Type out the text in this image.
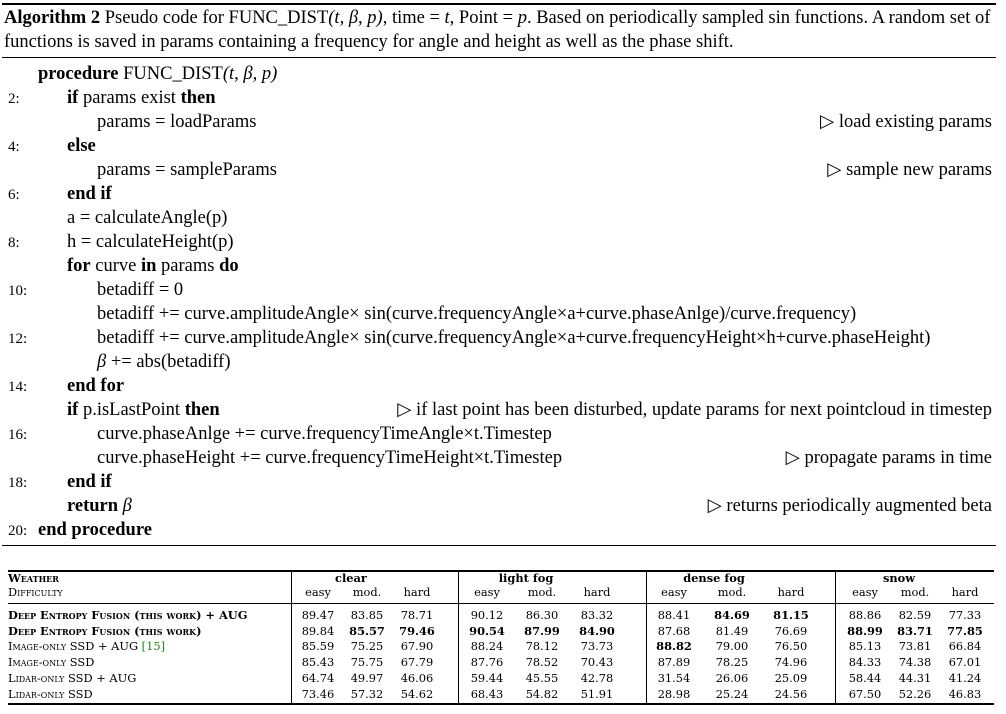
Algorithm 2 Pseudo code for FUNC_DIST(t, β, p), time = t, Point = p. Based on periodically sampled sin functions. A random set of functions is saved in params containing a frequency for angle and height as well as the phase shift.
procedure FUNC_DIST(t, β, p)
2:	if params exist then
params = loadParams	▷ load existing params
4:	else
params = sampleParams	▷ sample new params
6:	end if
a = calculateAngle(p)
8:	h = calculateHeight(p)
for curve in params do
10:	betadiff = 0
betadiff += curve.amplitudeAngle× sin(curve.frequencyAngle×a+curve.phaseAnlge)/curve.frequency)
12:	betadiff += curve.amplitudeAngle× sin(curve.frequencyAngle×a+curve.frequencyHeight×h+curve.phaseHeight)
β += abs(betadiff)
14: end for
if p.isLastPoint then	▷ if last point has been disturbed, update params for next pointcloud in timestep
16:	curve.phaseAnlge += curve.frequencyTimeAngle×t.Timestep
curve.phaseHeight += curve.frequencyTimeHeight×t.Timestep	▷ propagate params in time
18: end if
return β	▷ returns periodically augmented beta
20: end procedure
Weather	clear	light fog	dense fog	snow
Difficulty	easy	mod.	hard	easy	mod.	hard	easy	mod.	hard	easy	mod.	hard
Deep Entropy Fusion (this work) + AUG	89.47	83.85	78.71	90.12	86.30	83.32	88.41	84.69	81.15	88.86	82.59	77.33
Deep Entropy Fusion (this work)	89.84	85.57	79.46	90.54	87.99	84.90	87.68	81.49	76.69	88.99	83.71	77.85
Image-only SSD + AUG [15]	85.59	75.25	67.90	88.24	78.12	73.73	88.82	79.00	76.50	85.13	73.81	66.84
Image-only SSD	85.43	75.75	67.79	87.76	78.52	70.43	87.89	78.25	74.96	84.33	74.38	67.01
Lidar-only SSD + AUG	64.74	49.97	46.06	59.44	45.55	42.78	31.54	26.06	25.09	58.44	44.31	41.24
Lidar-only SSD	73.46	57.32	54.62	68.43	54.82	51.91	28.98	25.24	24.56	67.50	52.26	46.83
